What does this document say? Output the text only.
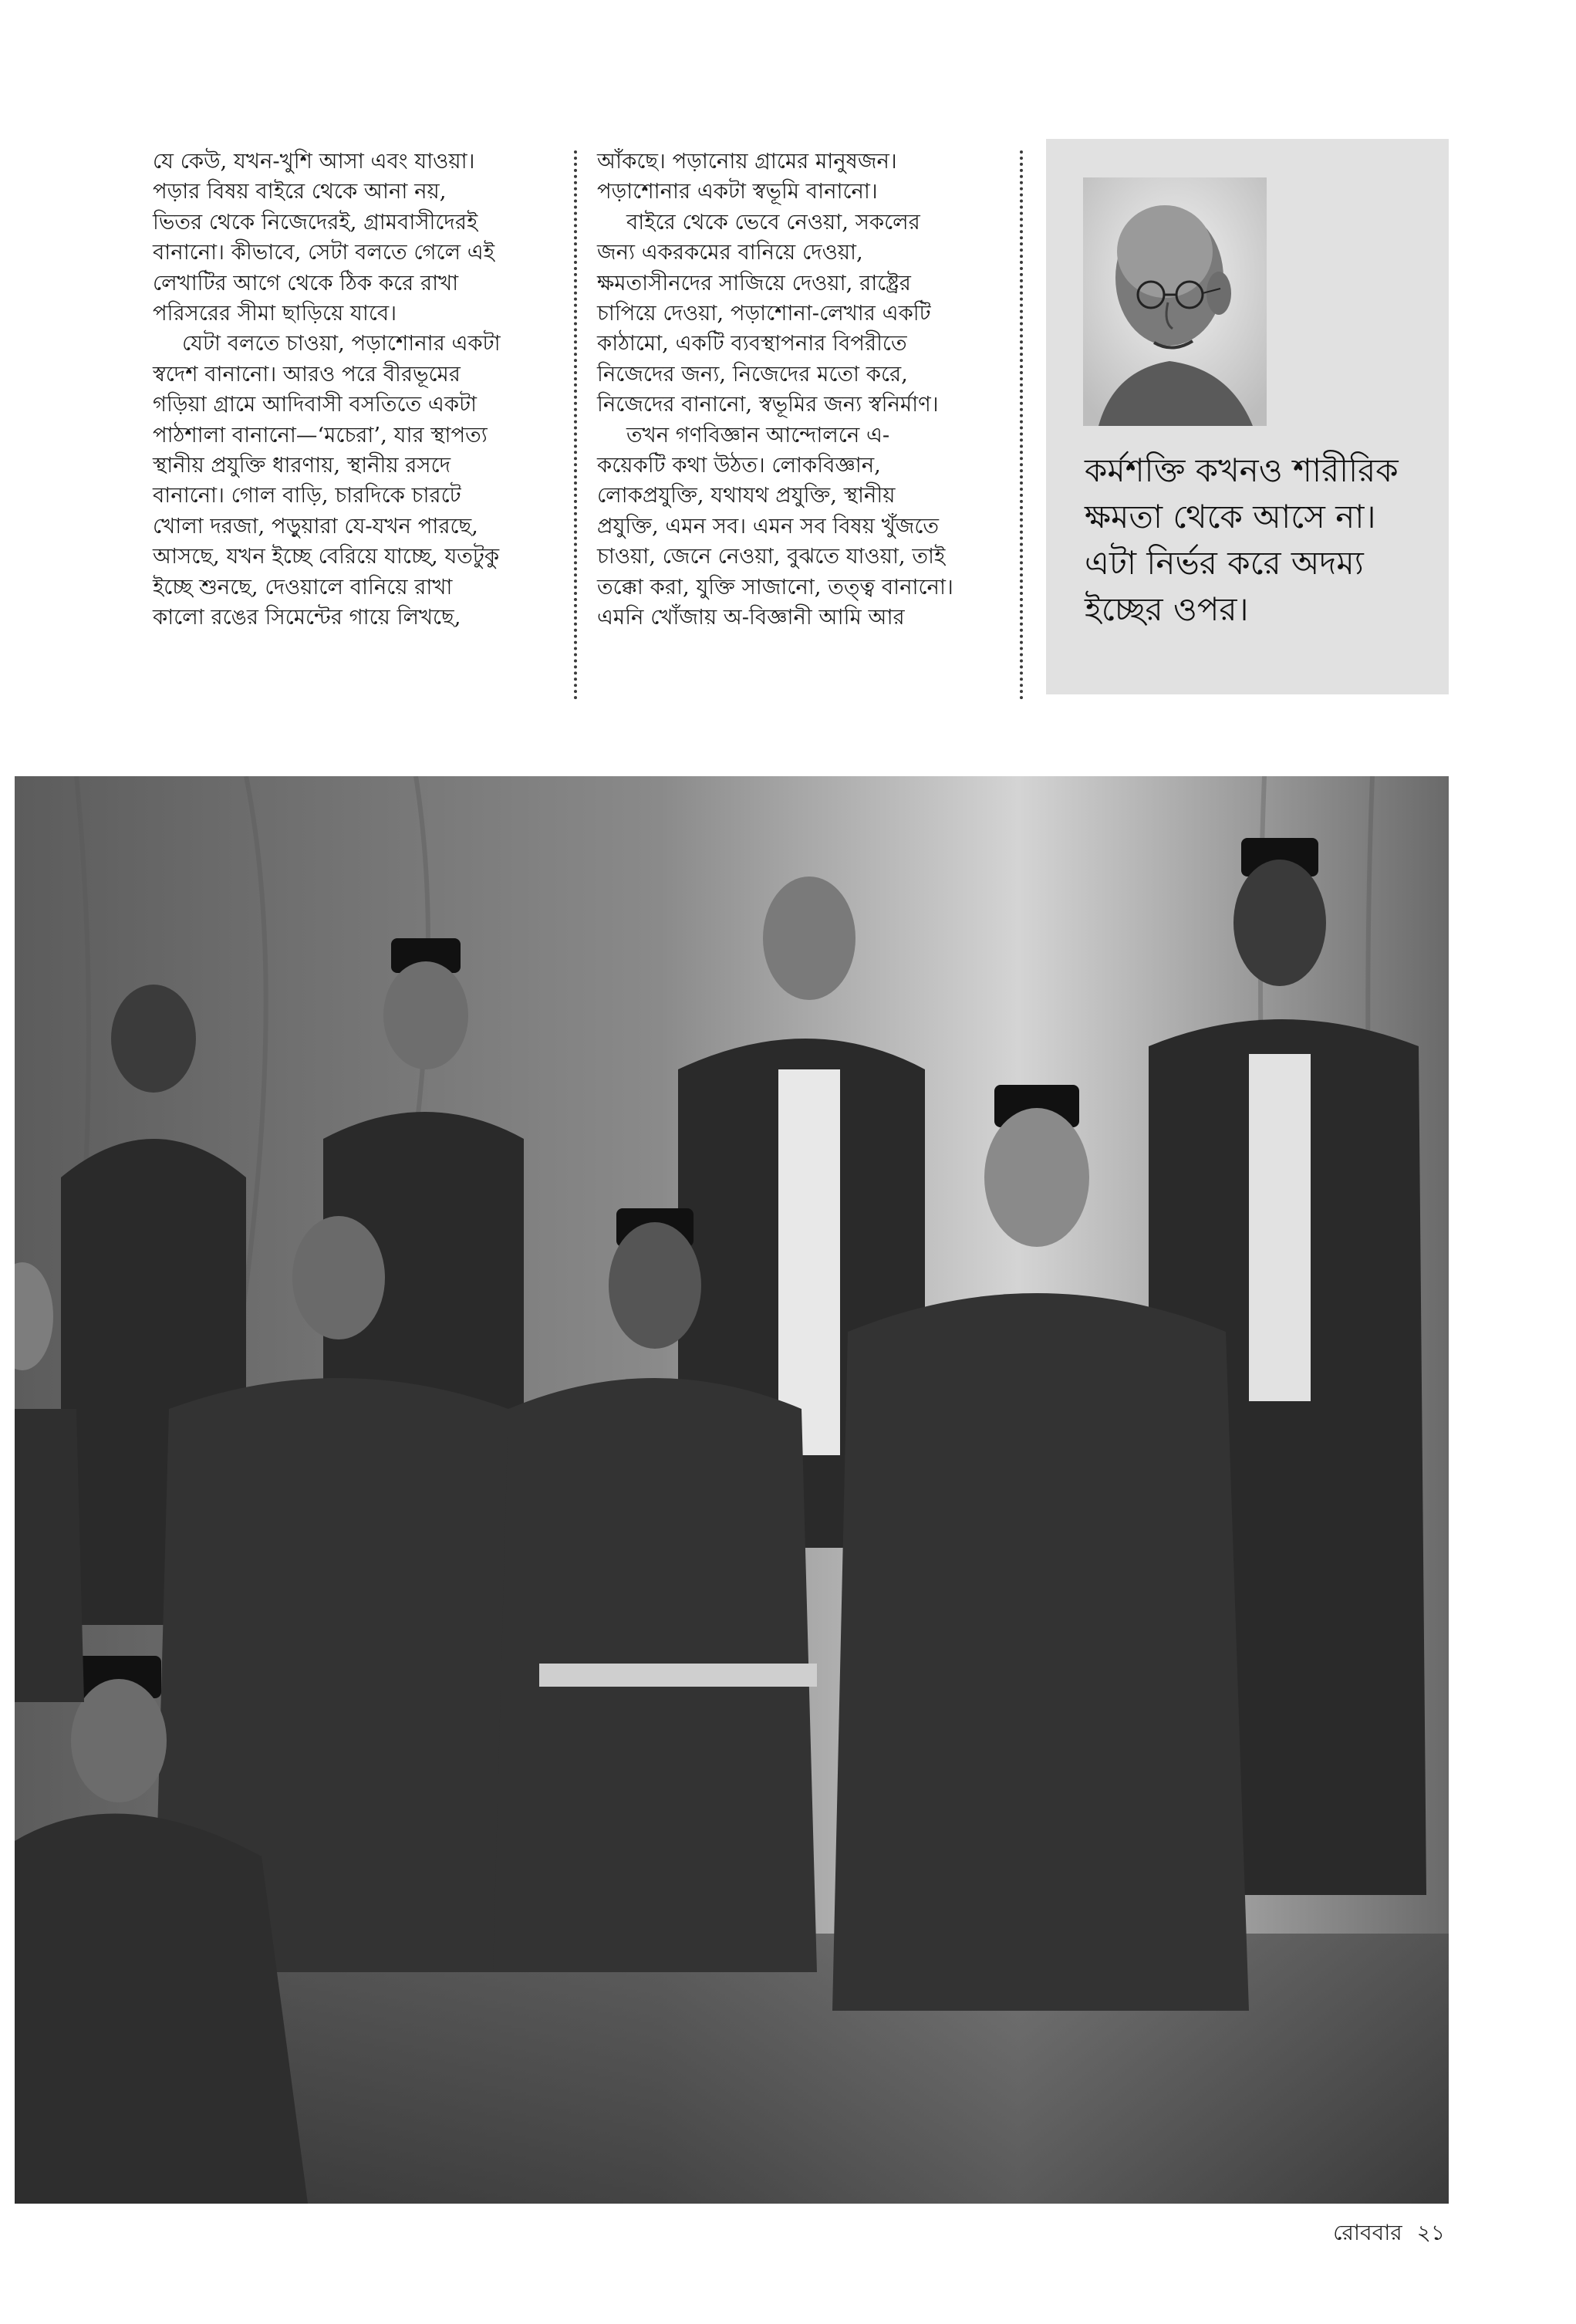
যে কেউ, যখন-খুশি আসা এবং যাওয়া।
পড়ার বিষয় বাইরে থেকে আনা নয়,
ভিতর থেকে নিজেদেরই, গ্রামবাসীদেরই
বানানো। কীভাবে, সেটা বলতে গেলে এই
লেখাটির আগে থেকে ঠিক করে রাখা
পরিসরের সীমা ছাড়িয়ে যাবে।
যেটা বলতে চাওয়া, পড়াশোনার একটা
স্বদেশ বানানো। আরও পরে বীরভূমের
গড়িয়া গ্রামে আদিবাসী বসতিতে একটা
পাঠশালা বানানো—‘মচেরা’, যার স্থাপত্য
স্থানীয় প্রযুক্তি ধারণায়, স্থানীয় রসদে
বানানো। গোল বাড়ি, চারদিকে চারটে
খোলা দরজা, পড়ুয়ারা যে-যখন পারছে,
আসছে, যখন ইচ্ছে বেরিয়ে যাচ্ছে, যতটুকু
ইচ্ছে শুনছে, দেওয়ালে বানিয়ে রাখা
কালো রঙের সিমেন্টের গায়ে লিখছে,
আঁকছে। পড়ানোয় গ্রামের মানুষজন।
পড়াশোনার একটা স্বভূমি বানানো।
বাইরে থেকে ভেবে নেওয়া, সকলের
জন্য একরকমের বানিয়ে দেওয়া,
ক্ষমতাসীনদের সাজিয়ে দেওয়া, রাষ্ট্রের
চাপিয়ে দেওয়া, পড়াশোনা-লেখার একটি
কাঠামো, একটি ব্যবস্থাপনার বিপরীতে
নিজেদের জন্য, নিজেদের মতো করে,
নিজেদের বানানো, স্বভূমির জন্য স্বনির্মাণ।
তখন গণবিজ্ঞান আন্দোলনে এ-
কয়েকটি কথা উঠত। লোকবিজ্ঞান,
লোকপ্রযুক্তি, যথাযথ প্রযুক্তি, স্থানীয়
প্রযুক্তি, এমন সব। এমন সব বিষয় খুঁজতে
চাওয়া, জেনে নেওয়া, বুঝতে যাওয়া, তাই
তক্কো করা, যুক্তি সাজানো, তত্ত্ব বানানো।
এমনি খোঁজায় অ-বিজ্ঞানী আমি আর
কর্মশক্তি কখনও শারীরিক
ক্ষমতা থেকে আসে না।
এটা নির্ভর করে অদম্য
ইচ্ছের ওপর।
রোববার ২১
